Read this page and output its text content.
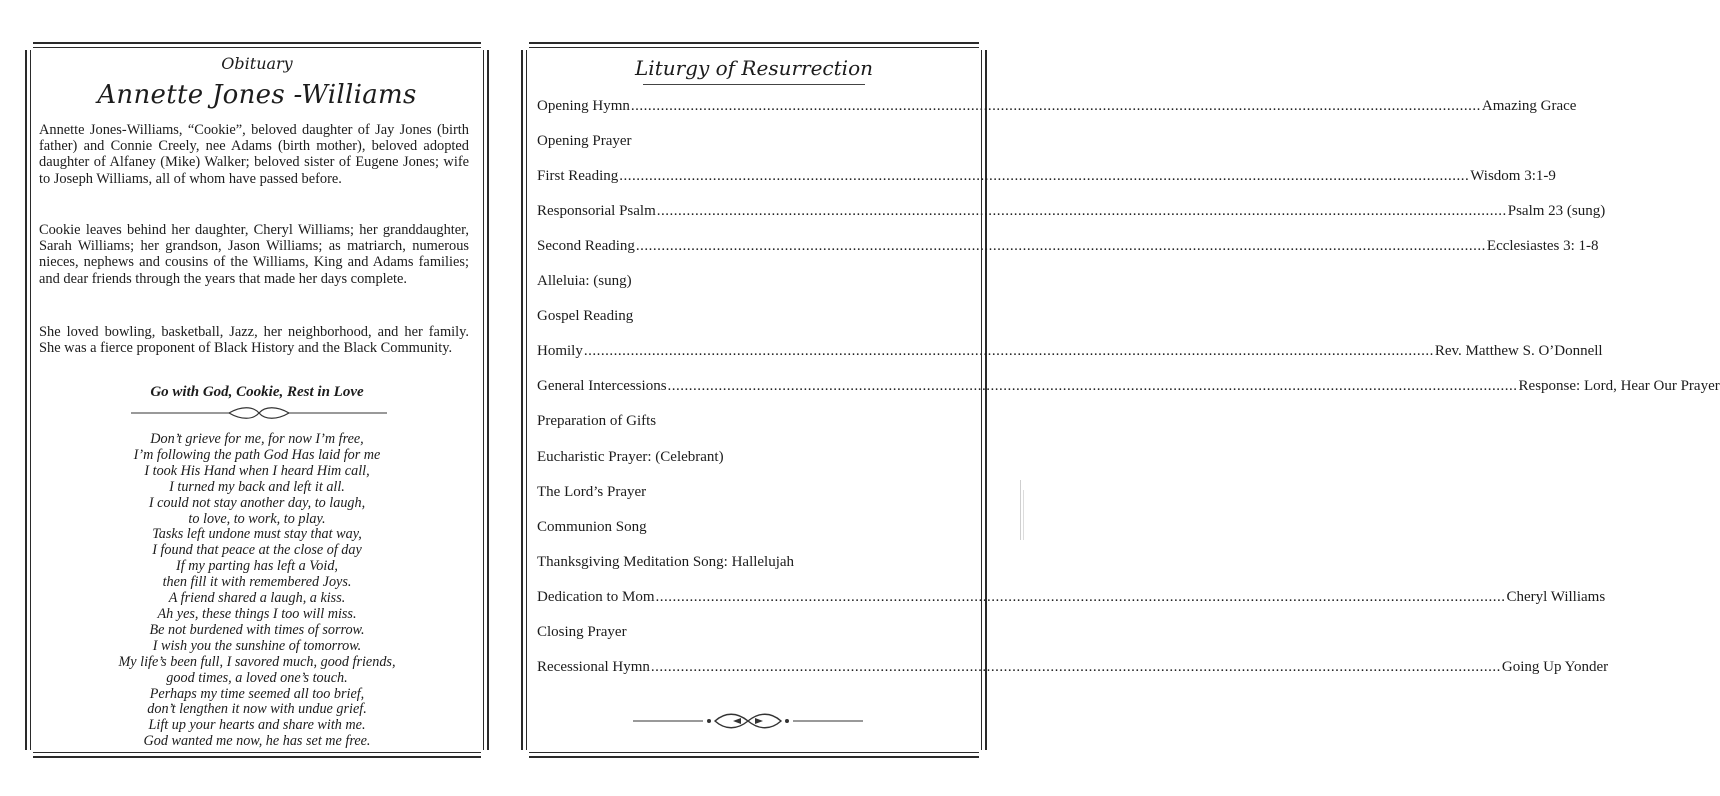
Obituary
Annette Jones -Williams

Annette Jones-Williams, “Cookie”, beloved daughter of Jay Jones (birth father) and Connie Creely, nee Adams (birth mother), beloved adopted daughter of Alfaney (Mike) Walker; beloved sister of Eugene Jones; wife to Joseph Williams, all of whom have passed before.

Cookie leaves behind her daughter, Cheryl Williams; her granddaughter, Sarah Williams; her grandson, Jason Williams; as matriarch, numerous nieces, nephews and cousins of the Williams, King and Adams families; and dear friends through the years that made her days complete.

She loved bowling, basketball, Jazz, her neighborhood, and her family. She was a fierce proponent of Black History and the Black Community.

Go with God, Cookie, Rest in Love
Don’t grieve for me, for now I’m free,
I’m following the path God Has laid for me
I took His Hand when I heard Him call,
I turned my back and left it all.
I could not stay another day, to laugh,
to love, to work, to play.
Tasks left undone must stay that way,
I found that peace at the close of day
If my parting has left a Void,
then fill it with remembered Joys.
A friend shared a laugh, a kiss.
Ah yes, these things I too will miss.
Be not burdened with times of sorrow.
I wish you the sunshine of tomorrow.
My life’s been full, I savored much, good friends,
good times, a loved one’s touch.
Perhaps my time seemed all too brief,
don’t lengthen it now with undue grief.
Lift up your hearts and share with me.
God wanted me now, he has set me free.
Liturgy of Resurrection
Opening Hymn ........................................................................................................................................................................................................ Amazing Grace
Opening Prayer
First Reading ........................................................................................................................................................................................................ Wisdom 3:1-9
Responsorial Psalm ........................................................................................................................................................................................................ Psalm 23 (sung)
Second Reading ........................................................................................................................................................................................................ Ecclesiastes 3: 1-8
Alleluia: (sung)
Gospel Reading
Homily ........................................................................................................................................................................................................ Rev. Matthew S. O’Donnell
General Intercessions ........................................................................................................................................................................................................ Response: Lord, Hear Our Prayer
Preparation of Gifts
Eucharistic Prayer: (Celebrant)
The Lord’s Prayer
Communion Song
Thanksgiving Meditation Song: Hallelujah
Dedication to Mom ........................................................................................................................................................................................................ Cheryl Williams
Closing Prayer
Recessional Hymn ........................................................................................................................................................................................................ Going Up Yonder
